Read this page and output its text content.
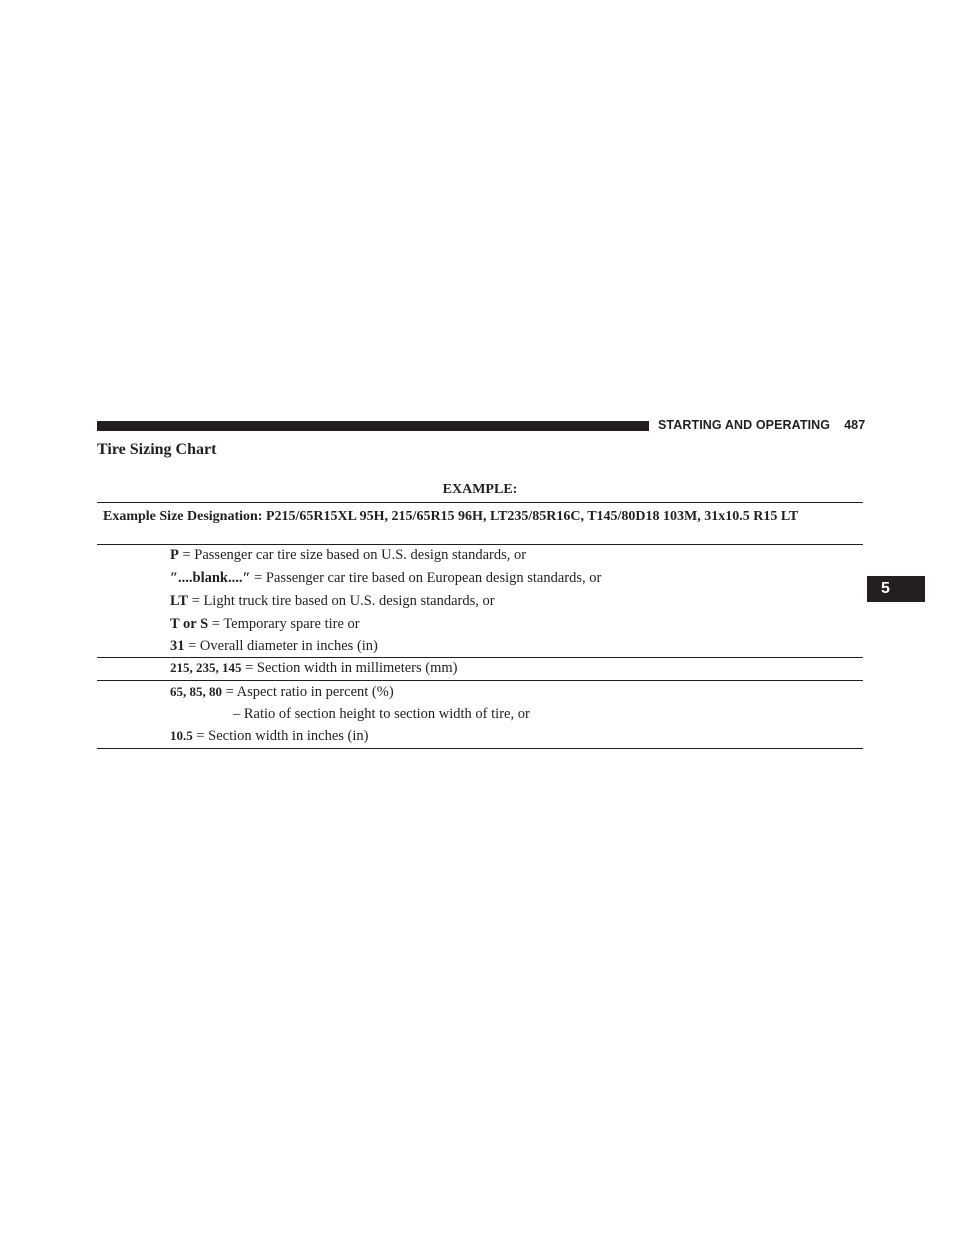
STARTING AND OPERATING 487
5
Tire Sizing Chart
EXAMPLE:
Example Size Designation: P215/65R15XL 95H, 215/65R15 96H, LT235/85R16C, T145/80D18 103M, 31x10.5 R15 LT
P = Passenger car tire size based on U.S. design standards, or
″....blank....″ = Passenger car tire based on European design standards, or
LT = Light truck tire based on U.S. design standards, or
T or S = Temporary spare tire or
31 = Overall diameter in inches (in)
215, 235, 145 = Section width in millimeters (mm)
65, 85, 80 = Aspect ratio in percent (%)
– Ratio of section height to section width of tire, or
10.5 = Section width in inches (in)
